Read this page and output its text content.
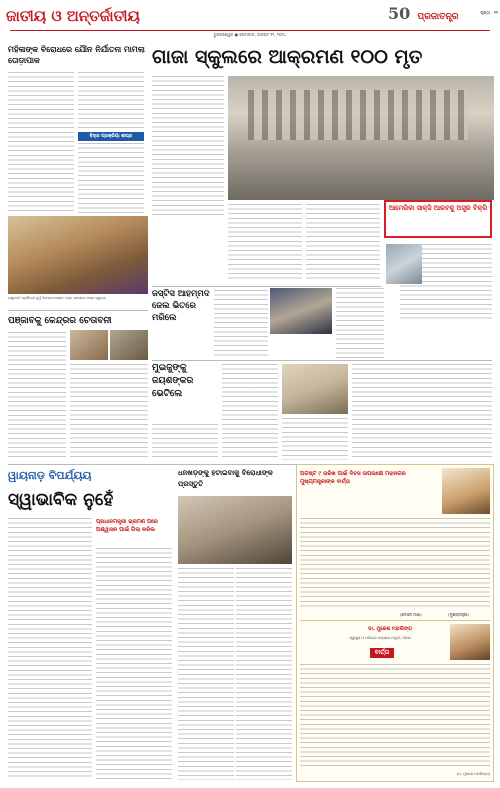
ଜାତୀୟ ଓ ଅନ୍ତର୍ଜାତୀୟ
ଭୁବନେଶ୍ୱର ● ସୋମବାର, ଅଗଷ୍ଟ ୧୨, ୨୦୨୪
50 ପ୍ରଜାତନ୍ତ୍ର	ପୃଷ୍ଠା : ୧୧
ମହିଳାଙ୍କ ବିରୋଧରେ ଯୌନ ନିର୍ଯାତନା ମାମଲା ତୋଡ଼ାପାକ
ବିଚାର ପ୍ରକ୍ରିୟା ଶୀଘ୍ର
ରାଷ୍ଟ୍ରପତି ଦ୍ରୌପଦୀ ମୁର୍ମୁ ତିମୋର-ଲେଷ୍ଟେ ଗସ୍ତ ସମୟରେ ଉଷ୍ମ ସ୍ୱାଗତ
ପଞ୍ଜାବକୁ କେନ୍ଦ୍ରର ଚେତାବନୀ
ଗାଜା ସ୍କୁଲରେ ଆକ୍ରମଣ ୧୦୦ ମୃତ
ଆମେରିକା ସାକ୍ସି ଆରବକୁ ଅସ୍ତ୍ର ବିକ୍ରି
ଜସ୍ଟିସ ଆହମ୍ମଦ ଜେଲ ଭିତରେ ମରିଲେ
ମୁଇଜୁଙ୍କୁ ଜୟଶଙ୍କର ଭେଟିଲେ
ୱାୟନାଡ଼ ବିପର୍ଯ୍ୟୟ
ସ୍ୱାଭାବିକ ନୁହେଁ
ପ୍ରଧାନମନ୍ତ୍ରୀ ଭ୍ରମଣ ପରେ ଅଶ୍ୱାସନ ପାଇଁ ଗିଲା କରିଲ
ଧନଖଡ଼ଙ୍କୁ ହଟାଇବାକୁ ବିରୋଧୀଙ୍କ ପ୍ରସ୍ତୁତି
ଅଗଷ୍ଟ ୯ ତାରିଖ ପାଇଁ ଦିବସ ଉପଲକ୍ଷେ ମହାନଗର ମୁଖ୍ୟମନ୍ତ୍ରୀଙ୍କ ବାର୍ତ୍ତା
(ମୋହନ ମାଝୀ)	(ମୁଖ୍ୟମନ୍ତ୍ରୀ)
ଡା. ମୁକେଶ ମହାଲିଙ୍ଗ
ସ୍ୱାସ୍ଥ୍ୟ ଓ ପରିବାର କଲ୍ୟାଣ ମନ୍ତ୍ରୀ, ଓଡ଼ିଶା
ବାର୍ତ୍ତା
(ଡ. ମୁକେଶ ମହାଲିଙ୍ଗ)
